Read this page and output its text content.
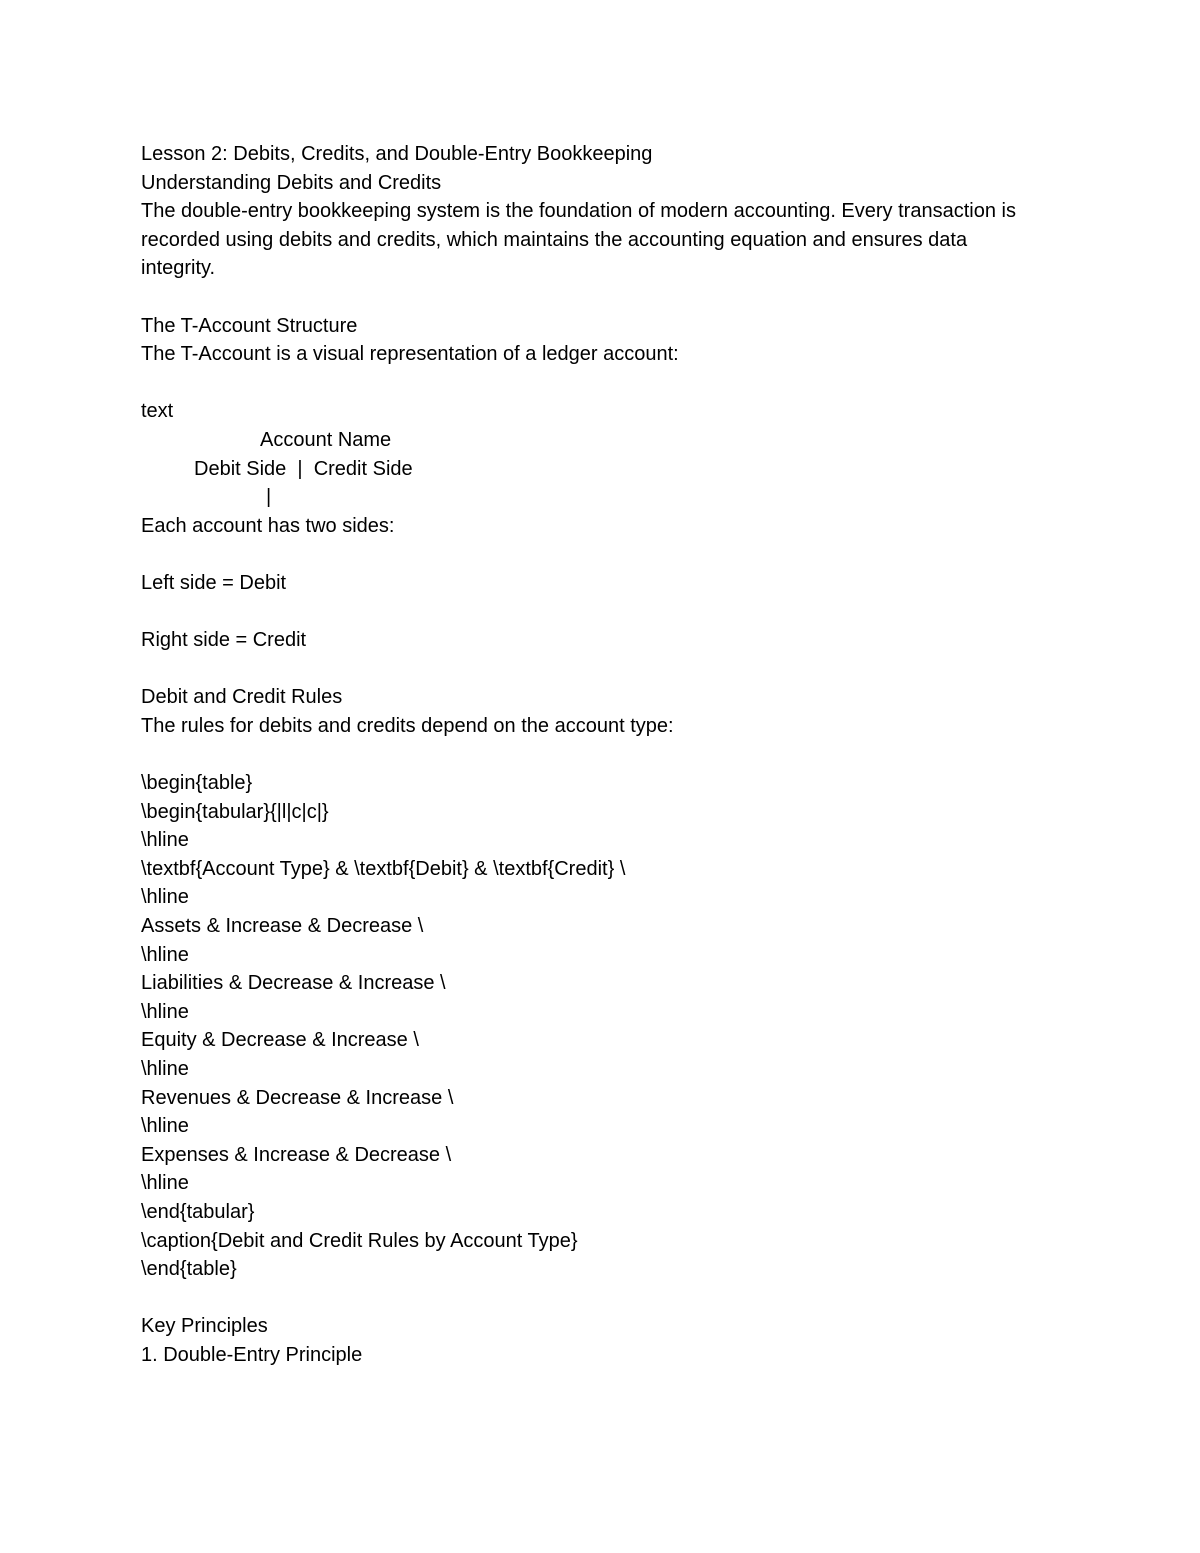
Lesson 2: Debits, Credits, and Double-Entry Bookkeeping
Understanding Debits and Credits

The double-entry bookkeeping system is the foundation of modern accounting. Every transaction is recorded using debits and credits, which maintains the accounting equation and ensures data integrity.

The T-Account Structure
The T-Account is a visual representation of a ledger account:
text
Account Name
Debit Side  |  Credit Side
|
Each account has two sides:
Left side = Debit
Right side = Credit
Debit and Credit Rules
The rules for debits and credits depend on the account type:
\begin{table}
\begin{tabular}{|l|c|c|}
\hline
\textbf{Account Type} & \textbf{Debit} & \textbf{Credit} \
\hline
Assets & Increase & Decrease \
\hline
Liabilities & Decrease & Increase \
\hline
Equity & Decrease & Increase \
\hline
Revenues & Decrease & Increase \
\hline
Expenses & Increase & Decrease \
\hline
\end{tabular}
\caption{Debit and Credit Rules by Account Type}
\end{table}
Key Principles
1. Double-Entry Principle
